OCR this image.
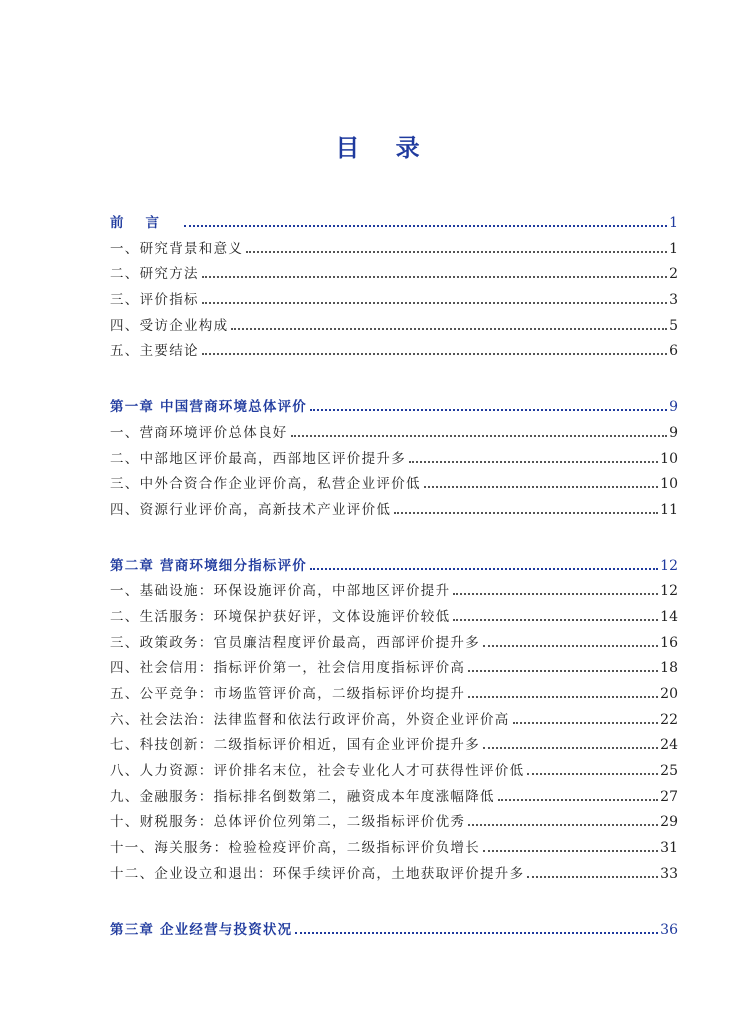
目 录
前言	1
一、研究背景和意义	1
二、研究方法	2
三、评价指标	3
四、受访企业构成	5
五、主要结论	6
第一章 中国营商环境总体评价	9
一、营商环境评价总体良好	9
二、中部地区评价最高，西部地区评价提升多	10
三、中外合资合作企业评价高，私营企业评价低	10
四、资源行业评价高，高新技术产业评价低	11
第二章 营商环境细分指标评价	12
一、基础设施：环保设施评价高，中部地区评价提升	12
二、生活服务：环境保护获好评，文体设施评价较低	14
三、政策政务：官员廉洁程度评价最高，西部评价提升多	16
四、社会信用：指标评价第一，社会信用度指标评价高	18
五、公平竞争：市场监管评价高，二级指标评价均提升	20
六、社会法治：法律监督和依法行政评价高，外资企业评价高	22
七、科技创新：二级指标评价相近，国有企业评价提升多	24
八、人力资源：评价排名末位，社会专业化人才可获得性评价低	25
九、金融服务：指标排名倒数第二，融资成本年度涨幅降低	27
十、财税服务：总体评价位列第二，二级指标评价优秀	29
十一、海关服务：检验检疫评价高，二级指标评价负增长	31
十二、企业设立和退出：环保手续评价高，土地获取评价提升多	33
第三章 企业经营与投资状况	36
